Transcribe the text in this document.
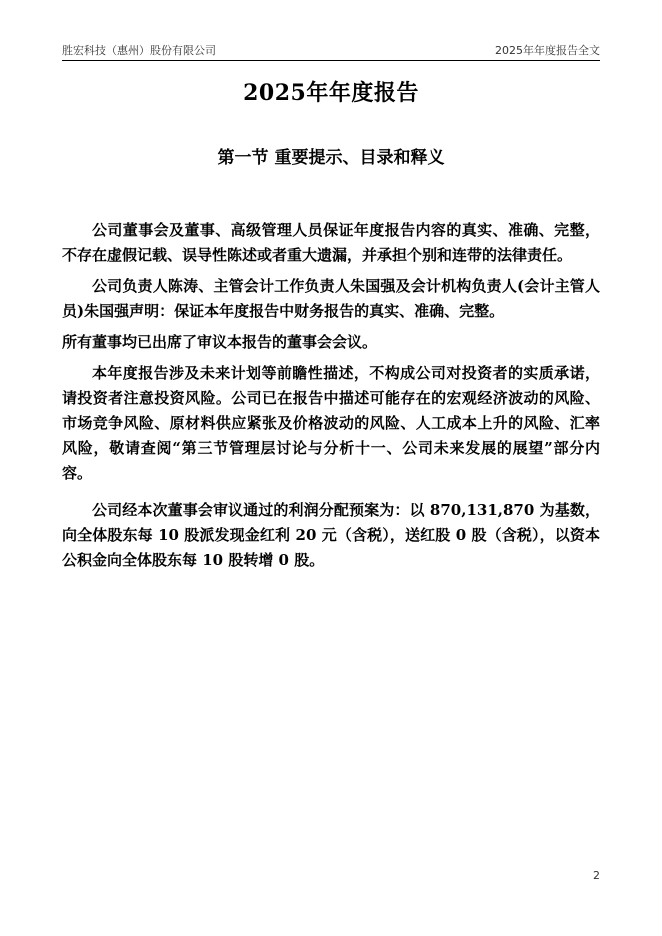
胜宏科技（惠州）股份有限公司	2025年年度报告全文
2025年年度报告
第一节 重要提示、目录和释义

公司董事会及董事、高级管理人员保证年度报告内容的真实、准确、完整，不存在虚假记载、误导性陈述或者重大遗漏，并承担个别和连带的法律责任。

公司负责人陈涛、主管会计工作负责人朱国强及会计机构负责人(会计主管人员)朱国强声明：保证本年度报告中财务报告的真实、准确、完整。

所有董事均已出席了审议本报告的董事会会议。

本年度报告涉及未来计划等前瞻性描述，不构成公司对投资者的实质承诺，请投资者注意投资风险。公司已在报告中描述可能存在的宏观经济波动的风险、市场竞争风险、原材料供应紧张及价格波动的风险、人工成本上升的风险、汇率风险，敬请查阅“第三节管理层讨论与分析十一、公司未来发展的展望”部分内容。

公司经本次董事会审议通过的利润分配预案为：以 870,131,870 为基数，向全体股东每 10 股派发现金红利 20 元（含税），送红股 0 股（含税），以资本公积金向全体股东每 10 股转增 0 股。

2
